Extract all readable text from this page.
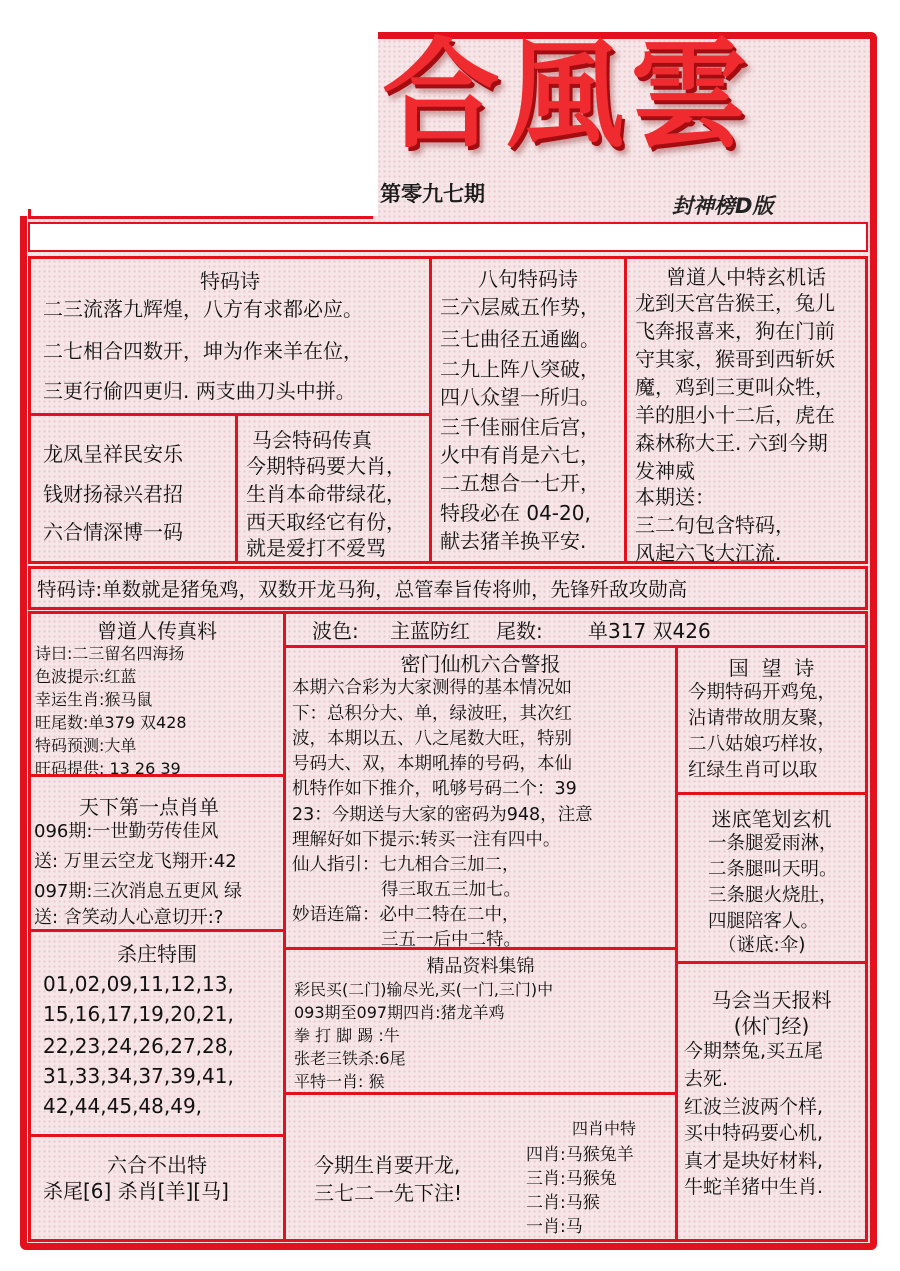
合風雲
第零九七期	封神榜D版
特码诗
二三流落九辉煌，八方有求都必应。
二七相合四数开，坤为作来羊在位，
三更行偷四更归. 两支曲刀头中拼。
八句特码诗
三六层威五作势，
三七曲径五通幽。
二九上阵八突破，
四八众望一所归。
三千佳丽住后宫，
火中有肖是六七，
二五想合一七开，
特段必在 04-20,
献去猪羊换平安.
曾道人中特玄机话
龙到天宫告猴王，兔儿
飞奔报喜来，狗在门前
守其家，猴哥到西斩妖
魔，鸡到三更叫众牲，
羊的胆小十二后，虎在
森林称大王. 六到今期
发神威
本期送：
三二句包含特码，
风起六飞大江流.
龙凤呈祥民安乐
钱财扬禄兴君招
六合情深博一码
马会特码传真
今期特码要大肖，
生肖本命带绿花，
西天取经它有份，
就是爱打不爱骂
特码诗:单数就是猪兔鸡，双数开龙马狗，总管奉旨传将帅，先锋歼敌攻勋高
曾道人传真料
诗曰:二三留名四海扬
色波提示:红蓝
幸运生肖:猴马鼠
旺尾数:单379 双428
特码预测:大单
旺码提供: 13 26 39
天下第一点肖单
096期:一世勤劳传佳风
送: 万里云空龙飞翔开:42
097期:三次消息五更风 绿
送: 含笑动人心意切开:?
杀庄特围
01,02,09,11,12,13,
15,16,17,19,20,21,
22,23,24,26,27,28,
31,33,34,37,39,41,
42,44,45,48,49,
六合不出特
杀尾[6] 杀肖[羊][马]
波色: 主蓝防红 尾数: 单317 双426
密门仙机六合警报
本期六合彩为大家测得的基本情况如
下：总积分大、单，绿波旺，其次红
波，本期以五、八之尾数大旺，特别
号码大、双，本期吼捧的号码，本仙
机特作如下推介，吼够号码二个：39
23：今期送与大家的密码为948，注意
理解好如下提示:转买一注有四中。
仙人指引：七九相合三加二，
得三取五三加七。
妙语连篇：必中二特在二中，
三五一后中二特。
精品资料集锦
彩民买(二门)输尽光,买(一门,三门)中
093期至097期四肖:猪龙羊鸡
拳 打 脚 踢 :牛
张老三铁杀:6尾
平特一肖: 猴
今期生肖要开龙,
三七二一先下注!
四肖中特
四肖:马猴兔羊
三肖:马猴兔
二肖:马猴
一肖:马
国  望  诗
今期特码开鸡兔，
沾请带故朋友聚，
二八姑娘巧样妆，
红绿生肖可以取
迷底笔划玄机
一条腿爱雨淋，
二条腿叫天明。
三条腿火烧肚，
四腿陪客人。
（谜底:伞)
马会当天报料
(休门经)
今期禁兔,买五尾
去死.
红波兰波两个样,
买中特码要心机,
真才是块好材料,
牛蛇羊猪中生肖.
